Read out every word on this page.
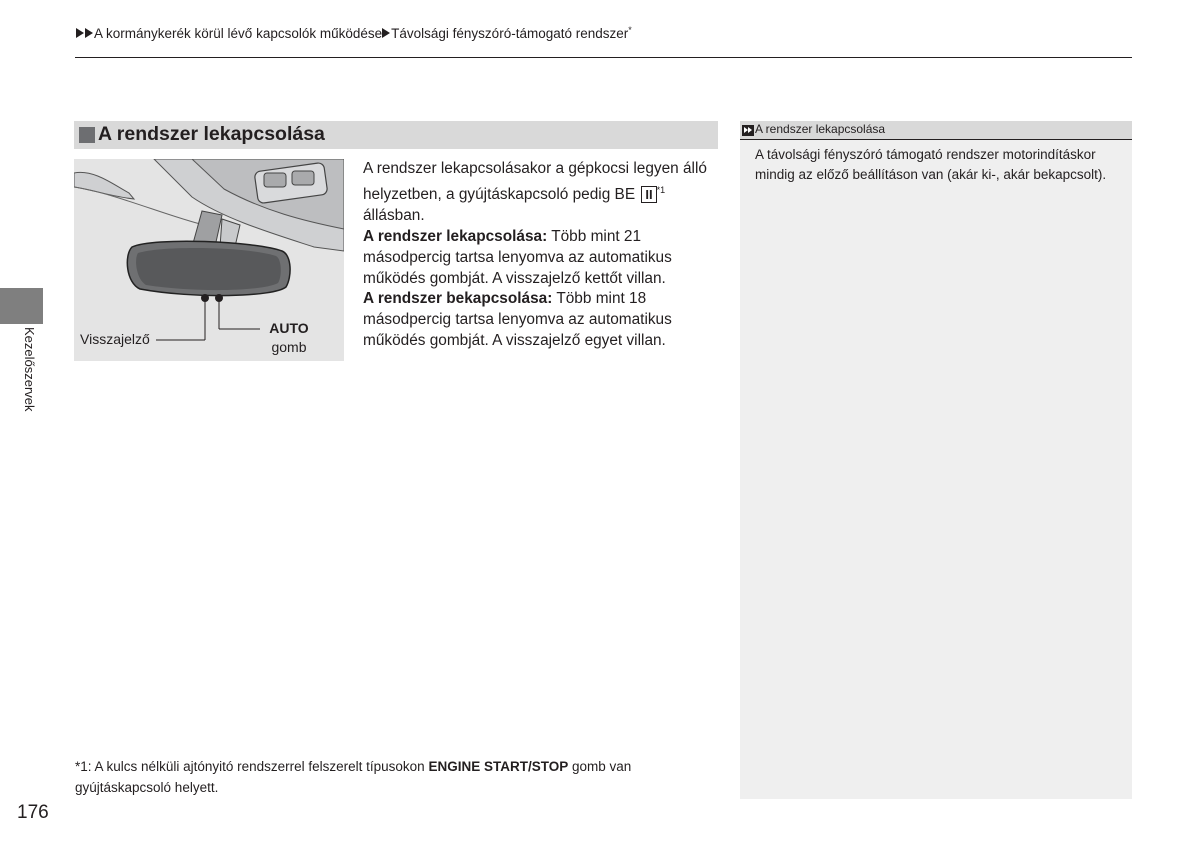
A kormánykerék körül lévő kapcsolók működése Távolsági fényszóró-támogató rendszer*
A rendszer lekapcsolása
Visszajelző
AUTO
gomb

A rendszer lekapcsolásakor a gépkocsi legyen álló helyzetben, a gyújtáskapcsoló pedig BE II $^{*1}$
állásban.

A rendszer lekapcsolása: Több mint 21 másodpercig tartsa lenyomva az automatikus működés gombját. A visszajelző kettőt villan.

A rendszer bekapcsolása: Több mint 18 másodpercig tartsa lenyomva az automatikus működés gombját. A visszajelző egyet villan.

A rendszer lekapcsolása
A távolsági fényszóró támogató rendszer motorindításkor mindig az előző beállításon van (akár ki-, akár bekapcsolt).
Kezelőszervek
*1: A kulcs nélküli ajtónyitó rendszerrel felszerelt típusokon ENGINE START/STOP gomb van gyújtáskapcsoló helyett.
176
